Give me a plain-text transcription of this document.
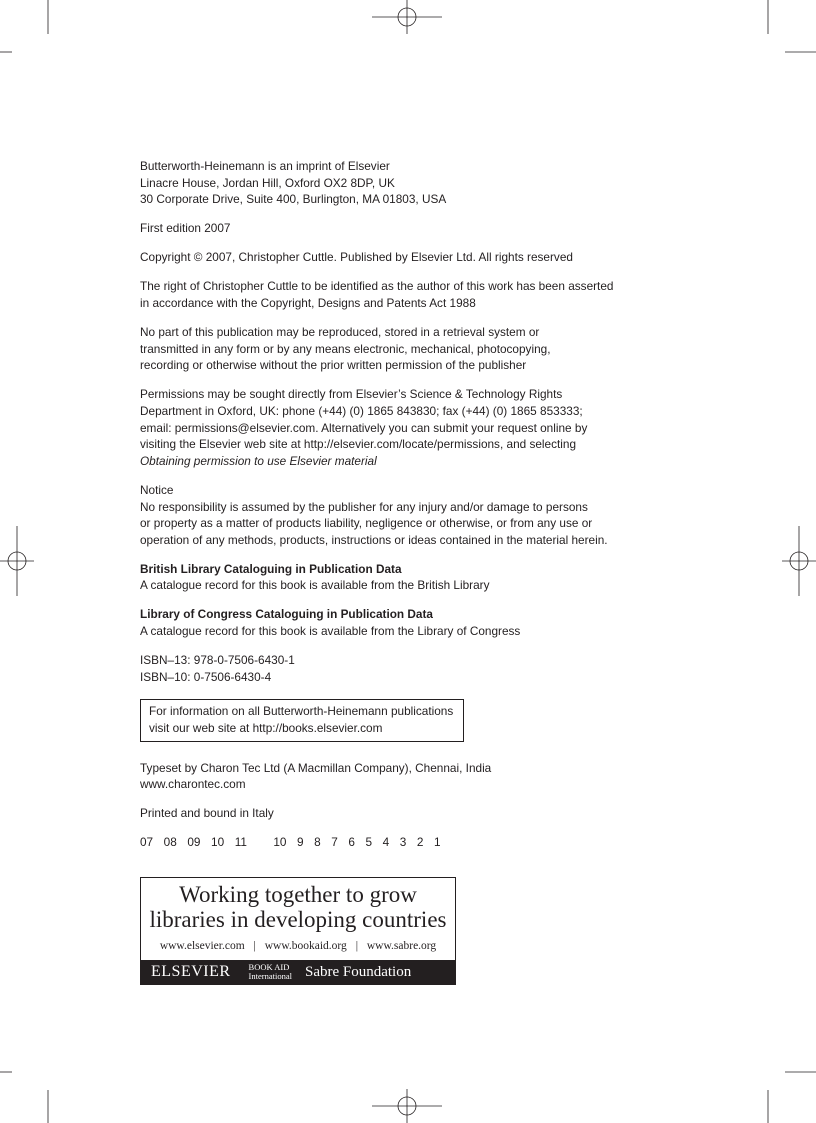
Butterworth-Heinemann is an imprint of Elsevier
Linacre House, Jordan Hill, Oxford OX2 8DP, UK
30 Corporate Drive, Suite 400, Burlington, MA 01803, USA

First edition 2007

Copyright © 2007, Christopher Cuttle. Published by Elsevier Ltd. All rights reserved

The right of Christopher Cuttle to be identified as the author of this work has been asserted
in accordance with the Copyright, Designs and Patents Act 1988

No part of this publication may be reproduced, stored in a retrieval system or
transmitted in any form or by any means electronic, mechanical, photocopying,
recording or otherwise without the prior written permission of the publisher

Permissions may be sought directly from Elsevier’s Science & Technology Rights
Department in Oxford, UK: phone (+44) (0) 1865 843830; fax (+44) (0) 1865 853333;
email: permissions@elsevier.com. Alternatively you can submit your request online by
visiting the Elsevier web site at http://elsevier.com/locate/permissions, and selecting
Obtaining permission to use Elsevier material

Notice
No responsibility is assumed by the publisher for any injury and/or damage to persons
or property as a matter of products liability, negligence or otherwise, or from any use or
operation of any methods, products, instructions or ideas contained in the material herein.

British Library Cataloguing in Publication Data
A catalogue record for this book is available from the British Library

Library of Congress Cataloguing in Publication Data
A catalogue record for this book is available from the Library of Congress

ISBN–13: 978-0-7506-6430-1
ISBN–10: 0-7506-6430-4

For information on all Butterworth-Heinemann publications
visit our web site at http://books.elsevier.com

Typeset by Charon Tec Ltd (A Macmillan Company), Chennai, India
www.charontec.com

Printed and bound in Italy

07  08  09  10  11     10  9  8  7  6  5  4  3  2  1

Working together to grow
libraries in developing countries
www.elsevier.com | www.bookaid.org | www.sabre.org
ELSEVIER BOOK AID
International Sabre Foundation
